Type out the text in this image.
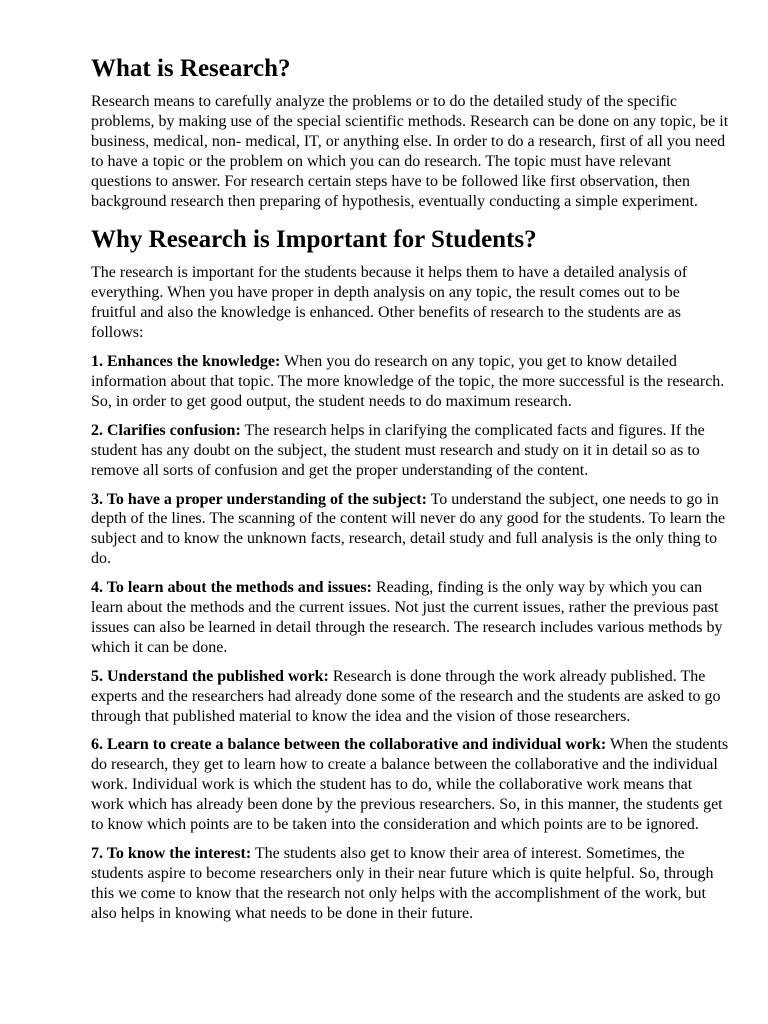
What is Research?

Research means to carefully analyze the problems or to do the detailed study of the specific problems, by making use of the special scientific methods. Research can be done on any topic, be it business, medical, non- medical, IT, or anything else. In order to do a research, first of all you need to have a topic or the problem on which you can do research. The topic must have relevant questions to answer. For research certain steps have to be followed like first observation, then background research then preparing of hypothesis, eventually conducting a simple experiment.

Why Research is Important for Students?

The research is important for the students because it helps them to have a detailed analysis of everything. When you have proper in depth analysis on any topic, the result comes out to be fruitful and also the knowledge is enhanced. Other benefits of research to the students are as follows:

1. Enhances the knowledge: When you do research on any topic, you get to know detailed information about that topic. The more knowledge of the topic, the more successful is the research. So, in order to get good output, the student needs to do maximum research.

2. Clarifies confusion: The research helps in clarifying the complicated facts and figures. If the student has any doubt on the subject, the student must research and study on it in detail so as to remove all sorts of confusion and get the proper understanding of the content.

3. To have a proper understanding of the subject: To understand the subject, one needs to go in depth of the lines. The scanning of the content will never do any good for the students. To learn the subject and to know the unknown facts, research, detail study and full analysis is the only thing to do.

4. To learn about the methods and issues: Reading, finding is the only way by which you can learn about the methods and the current issues. Not just the current issues, rather the previous past issues can also be learned in detail through the research. The research includes various methods by which it can be done.

5. Understand the published work: Research is done through the work already published. The experts and the researchers had already done some of the research and the students are asked to go through that published material to know the idea and the vision of those researchers.

6. Learn to create a balance between the collaborative and individual work: When the students do research, they get to learn how to create a balance between the collaborative and the individual work. Individual work is which the student has to do, while the collaborative work means that work which has already been done by the previous researchers. So, in this manner, the students get to know which points are to be taken into the consideration and which points are to be ignored.

7. To know the interest: The students also get to know their area of interest. Sometimes, the students aspire to become researchers only in their near future which is quite helpful. So, through this we come to know that the research not only helps with the accomplishment of the work, but also helps in knowing what needs to be done in their future.
